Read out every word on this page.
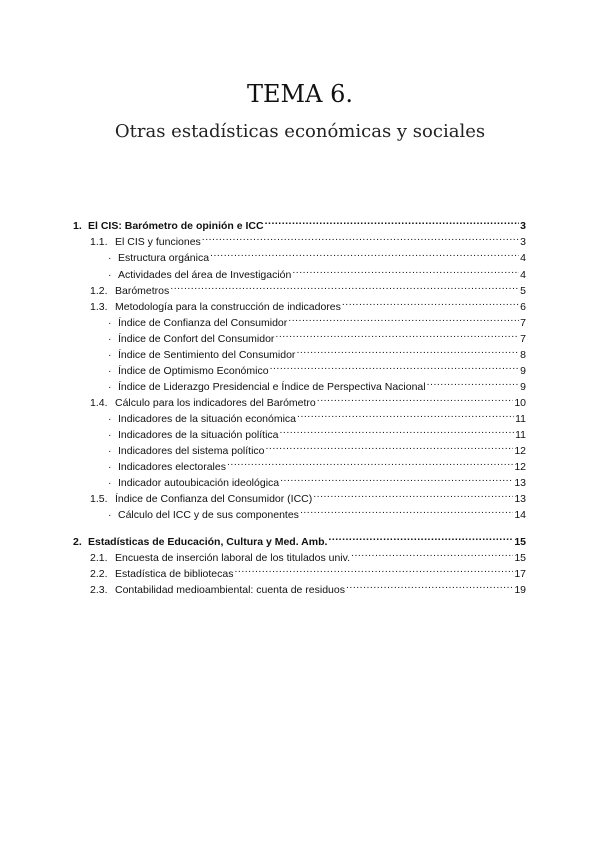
TEMA 6.
Otras estadísticas económicas y sociales
1. El CIS: Barómetro de opinión e ICC .....	3
1.1. El CIS y funciones .....	3
· Estructura orgánica .....	4
· Actividades del área de Investigación .....	4
1.2. Barómetros .....	5
1.3. Metodología para la construcción de indicadores .....	6
· Índice de Confianza del Consumidor .....	7
· Índice de Confort del Consumidor .....	7
· Índice de Sentimiento del Consumidor .....	8
· Índice de Optimismo Económico .....	9
· Índice de Liderazgo Presidencial e Índice de Perspectiva Nacional .....	9
1.4. Cálculo para los indicadores del Barómetro .....	10
· Indicadores de la situación económica .....	11
· Indicadores de la situación política .....	11
· Indicadores del sistema político .....	12
· Indicadores electorales .....	12
· Indicador autoubicación ideológica .....	13
1.5. Índice de Confianza del Consumidor (ICC) .....	13
· Cálculo del ICC y de sus componentes .....	14
2. Estadísticas de Educación, Cultura y Med. Amb. .....	15
2.1. Encuesta de inserción laboral de los titulados univ. .....	15
2.2. Estadística de bibliotecas .....	17
2.3. Contabilidad medioambiental: cuenta de residuos .....	19
